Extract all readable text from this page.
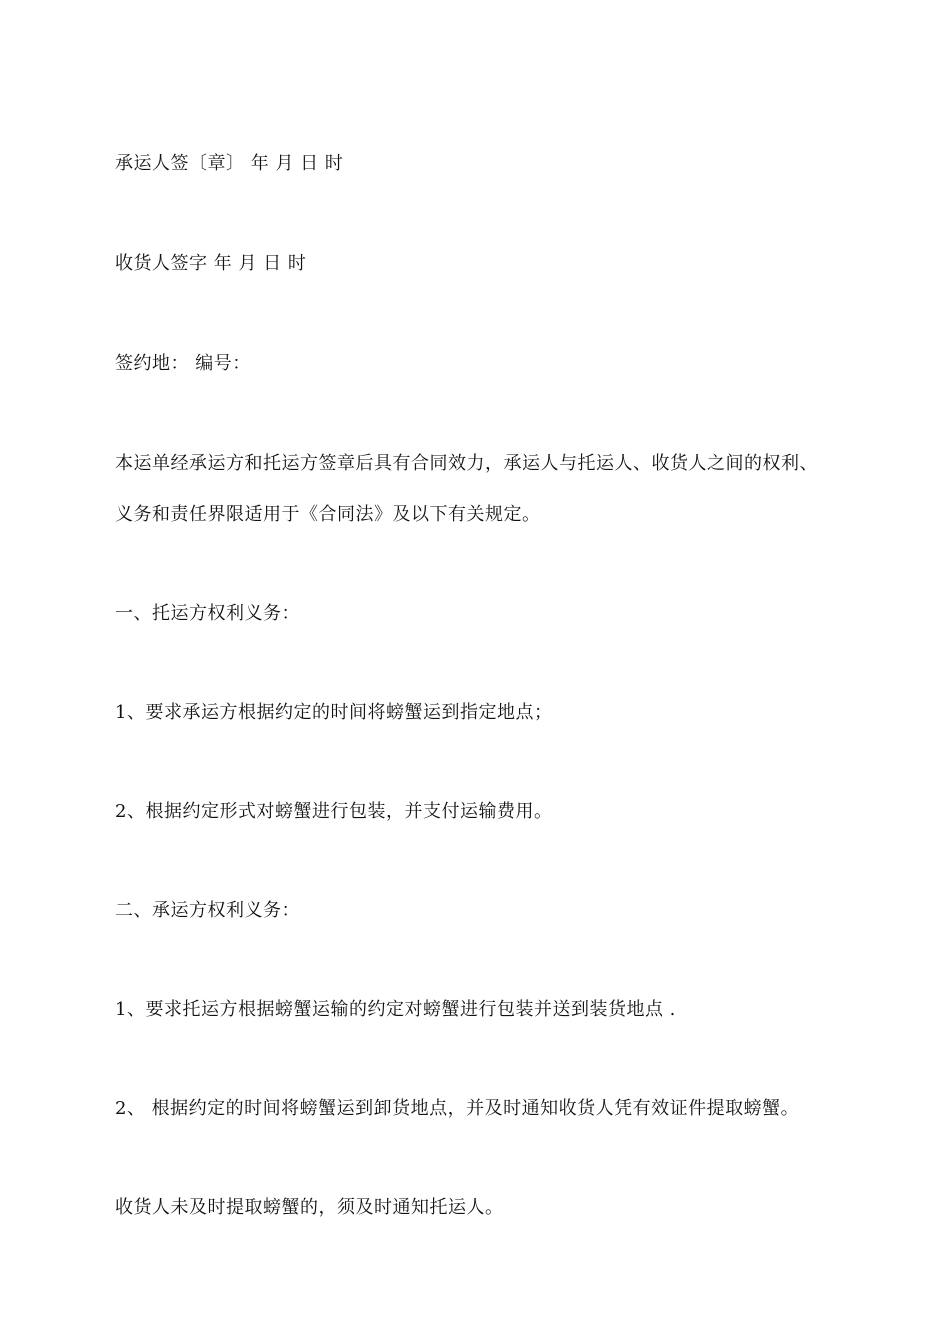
承运人签〔章〕 年 月 日 时
收货人签字 年 月 日 时
签约地： 编号：
本运单经承运方和托运方签章后具有合同效力，承运人与托运人、收货人之间的权利、
义务和责任界限适用于《合同法》及以下有关规定。
一、托运方权利义务：
1、要求承运方根据约定的时间将螃蟹运到指定地点；
2、根据约定形式对螃蟹进行包装，并支付运输费用。
二、承运方权利义务：
1、要求托运方根据螃蟹运输的约定对螃蟹进行包装并送到装货地点 .
2、 根据约定的时间将螃蟹运到卸货地点，并及时通知收货人凭有效证件提取螃蟹。
收货人未及时提取螃蟹的，须及时通知托运人。
